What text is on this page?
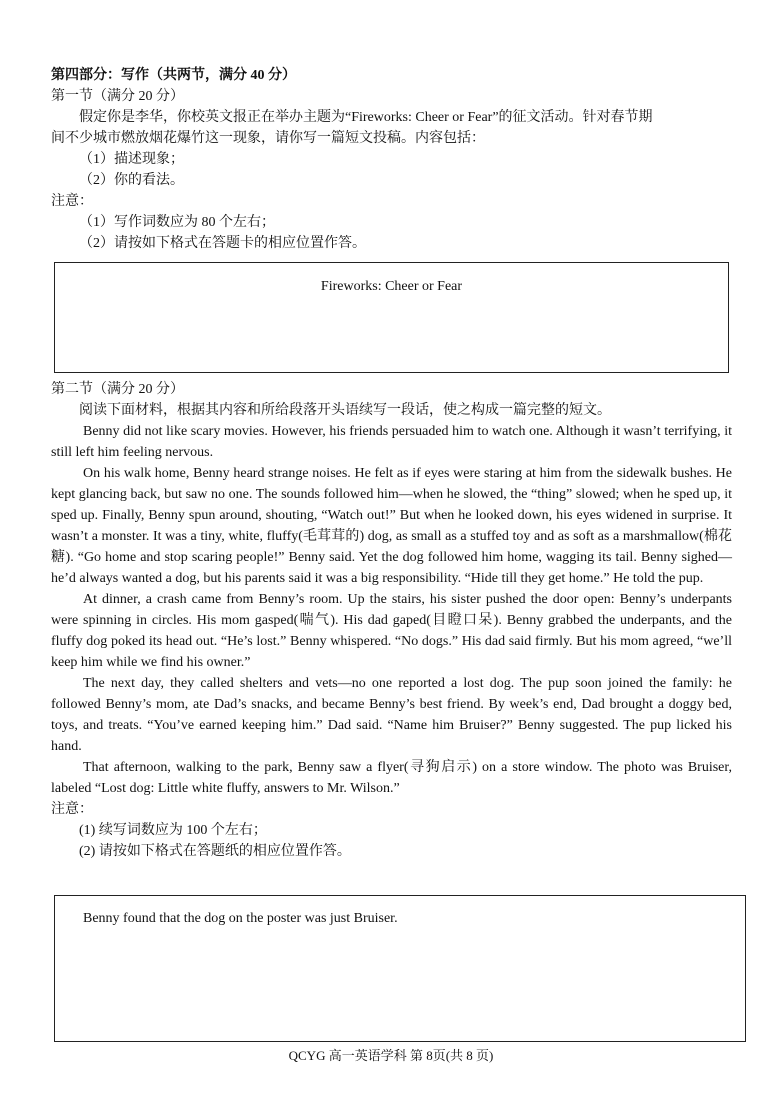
第四部分：写作（共两节，满分 40 分）
第一节（满分 20 分）
假定你是李华，你校英文报正在举办主题为“Fireworks: Cheer or Fear”的征文活动。针对春节期
间不少城市燃放烟花爆竹这一现象，请你写一篇短文投稿。内容包括：
（1）描述现象；
（2）你的看法。
注意：
（1）写作词数应为 80 个左右；
（2）请按如下格式在答题卡的相应位置作答。
Fireworks: Cheer or Fear
第二节（满分 20 分）
阅读下面材料，根据其内容和所给段落开头语续写一段话，使之构成一篇完整的短文。

Benny did not like scary movies. However, his friends persuaded him to watch one. Although it wasn’t terrifying, it still left him feeling nervous.

On his walk home, Benny heard strange noises. He felt as if eyes were staring at him from the sidewalk bushes. He kept glancing back, but saw no one. The sounds followed him—when he slowed, the “thing” slowed; when he sped up, it sped up. Finally, Benny spun around, shouting, “Watch out!” But when he looked down, his eyes widened in surprise. It wasn’t a monster. It was a tiny, white, fluffy(毛茸茸的) dog, as small as a stuffed toy and as soft as a marshmallow(棉花糖). “Go home and stop scaring people!” Benny said. Yet the dog followed him home, wagging its tail. Benny sighed—he’d always wanted a dog, but his parents said it was a big responsibility. “Hide till they get home.” He told the pup.

At dinner, a crash came from Benny’s room. Up the stairs, his sister pushed the door open: Benny’s underpants were spinning in circles. His mom gasped(喘气). His dad gaped(目瞪口呆). Benny grabbed the underpants, and the fluffy dog poked its head out. “He’s lost.” Benny whispered. “No dogs.” His dad said firmly. But his mom agreed, “we’ll keep him while we find his owner.”

The next day, they called shelters and vets—no one reported a lost dog. The pup soon joined the family: he followed Benny’s mom, ate Dad’s snacks, and became Benny’s best friend. By week’s end, Dad brought a doggy bed, toys, and treats. “You’ve earned keeping him.” Dad said. “Name him Bruiser?” Benny suggested. The pup licked his hand.

That afternoon, walking to the park, Benny saw a flyer(寻狗启示) on a store window. The photo was Bruiser, labeled “Lost dog: Little white fluffy, answers to Mr. Wilson.”

注意：
(1) 续写词数应为 100 个左右；
(2) 请按如下格式在答题纸的相应位置作答。
Benny found that the dog on the poster was just Bruiser.
QCYG 高一英语学科 第 8页(共 8 页)
